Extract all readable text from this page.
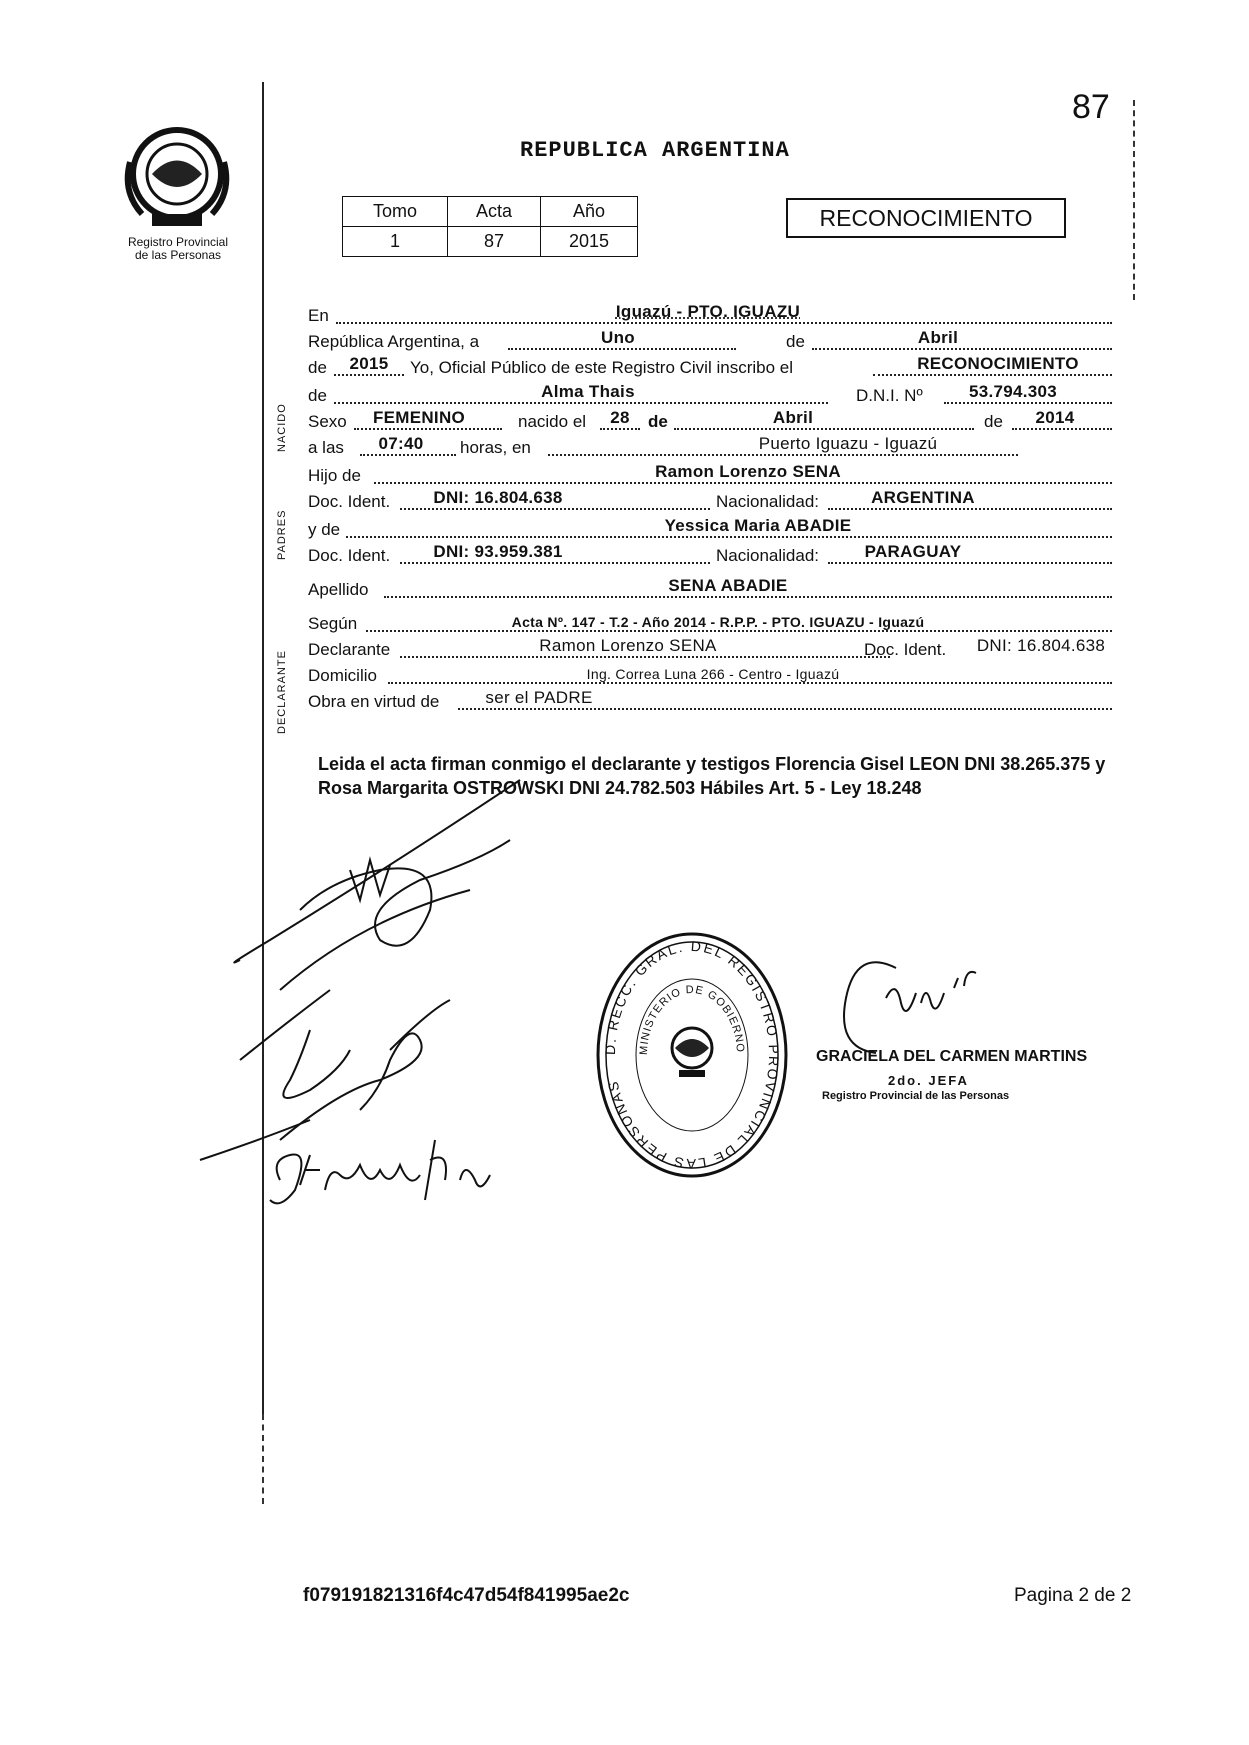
87
Registro Provincial
de las Personas
REPUBLICA ARGENTINA
Tomo	Acta	Año
1	87	2015
RECONOCIMIENTO
NACIDO
PADRES
DECLARANTE
En	Iguazú - PTO. IGUAZU
República Argentina, a	Uno	de	Abril
de	2015	Yo, Oficial Público de este Registro Civil inscribo el	RECONOCIMIENTO
de	Alma Thais	D.N.I. Nº	53.794.303
Sexo	FEMENINO	nacido el	28	de	Abril	de	2014
a las	07:40	horas, en	Puerto Iguazu - Iguazú
Hijo de	Ramon Lorenzo SENA
Doc. Ident.	DNI: 16.804.638	Nacionalidad:	ARGENTINA
y de	Yessica Maria ABADIE
Doc. Ident.	DNI: 93.959.381	Nacionalidad:	PARAGUAY
Apellido	SENA ABADIE
Según	Acta Nº. 147 - T.2 - Año 2014 - R.P.P. - PTO. IGUAZU - Iguazú
Declarante	Ramon Lorenzo SENA	Doc. Ident.	DNI: 16.804.638
Domicilio	Ing. Correa Luna 266 - Centro - Iguazú
Obra en virtud de	ser el PADRE
Leida el acta firman conmigo el declarante y testigos Florencia Gisel LEON DNI 38.265.375 y Rosa Margarita OSTROWSKI DNI 24.782.503 Hábiles Art. 5 - Ley 18.248
D. RECC. GRAL. DEL REGISTRO PROVINCIAL DE LAS PERSONAS
MINISTERIO DE GOBIERNO	GRACIELA DEL CARMEN MARTINS
2do. JEFA
Registro Provincial de las Personas
f079191821316f4c47d54f841995ae2c	Pagina 2 de 2
